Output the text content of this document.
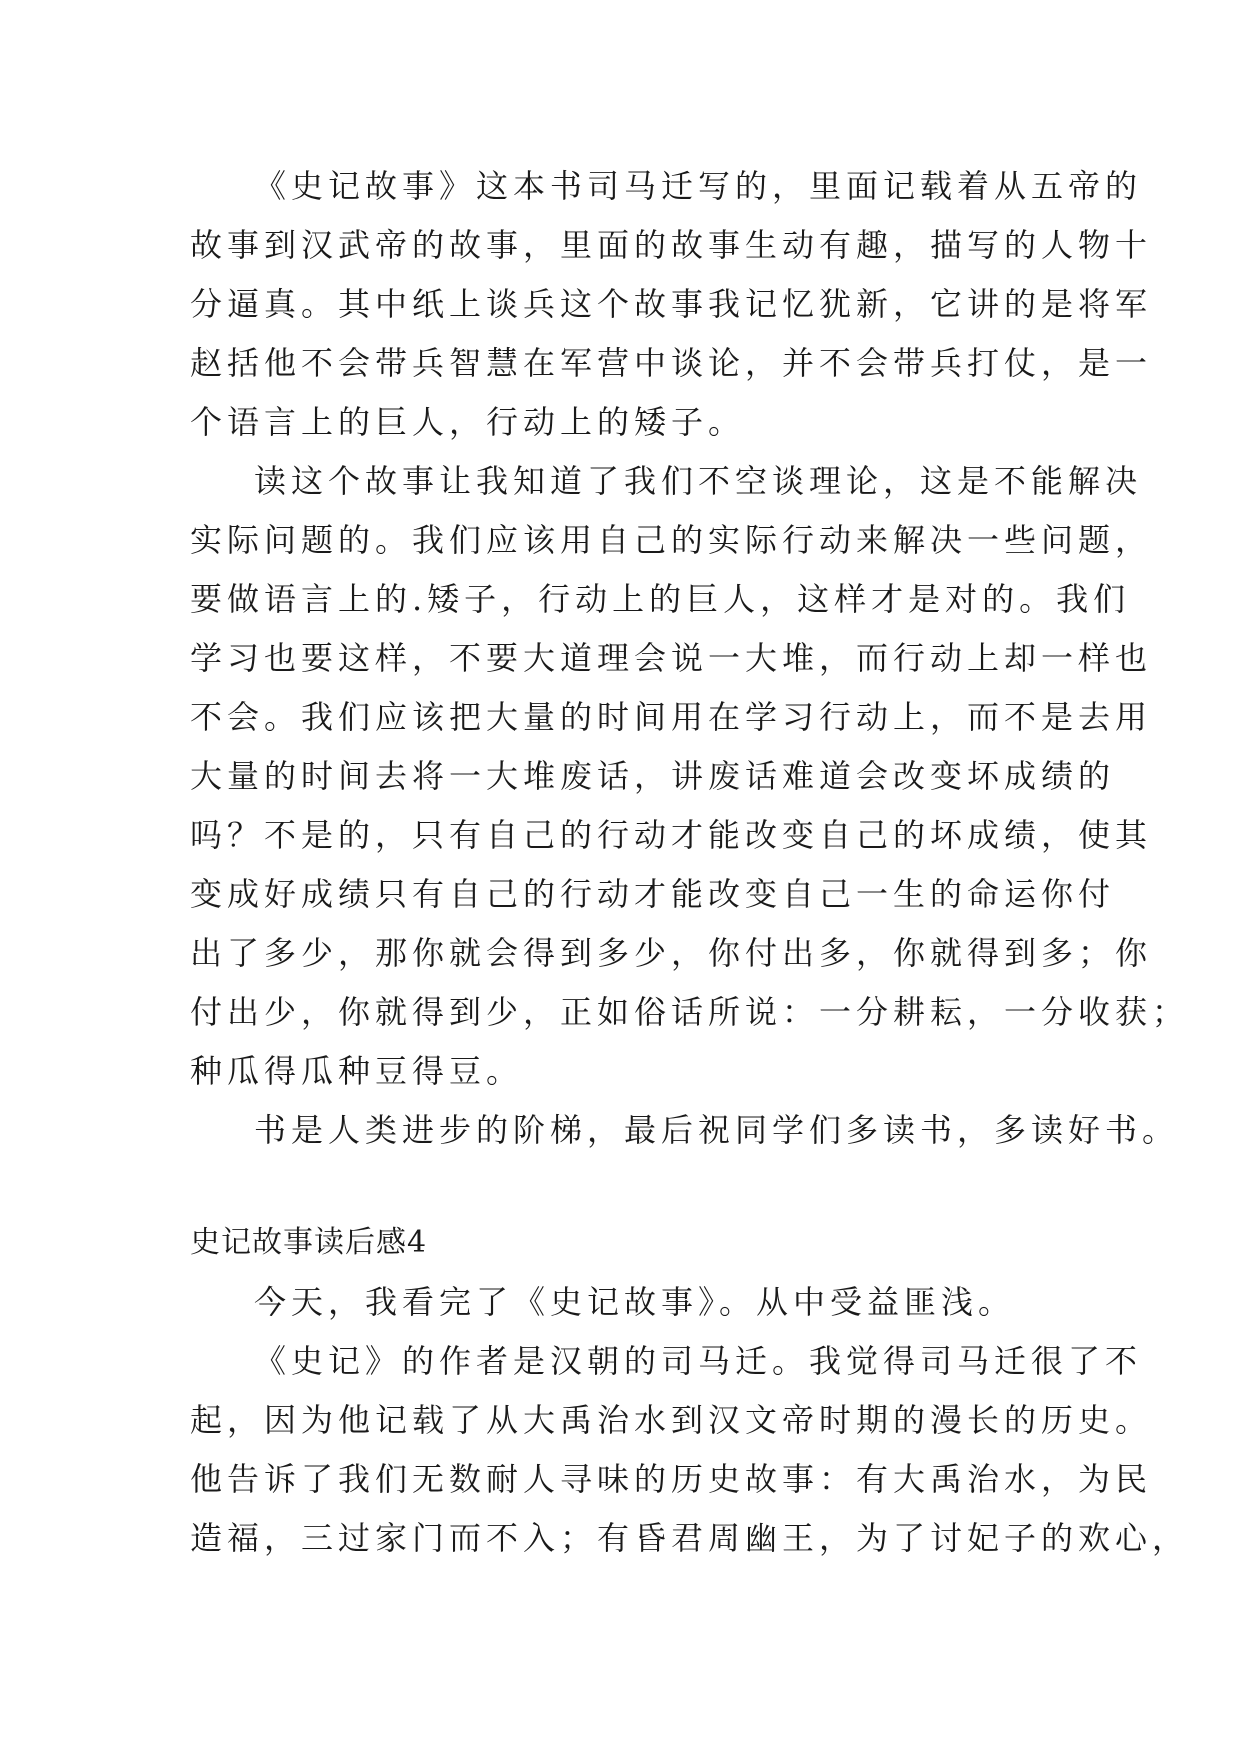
《史记故事》这本书司马迁写的，里面记载着从五帝的
故事到汉武帝的故事，里面的故事生动有趣，描写的人物十
分逼真。其中纸上谈兵这个故事我记忆犹新，它讲的是将军
赵括他不会带兵智慧在军营中谈论，并不会带兵打仗，是一
个语言上的巨人，行动上的矮子。
读这个故事让我知道了我们不空谈理论，这是不能解决
实际问题的。我们应该用自己的实际行动来解决一些问题，
要做语言上的.矮子，行动上的巨人，这样才是对的。我们
学习也要这样，不要大道理会说一大堆，而行动上却一样也
不会。我们应该把大量的时间用在学习行动上，而不是去用
大量的时间去将一大堆废话，讲废话难道会改变坏成绩的
吗？不是的，只有自己的行动才能改变自己的坏成绩，使其
变成好成绩只有自己的行动才能改变自己一生的命运你付
出了多少，那你就会得到多少，你付出多，你就得到多；你
付出少，你就得到少，正如俗话所说：一分耕耘，一分收获；
种瓜得瓜种豆得豆。
书是人类进步的阶梯，最后祝同学们多读书，多读好书。
史记故事读后感4
今天，我看完了《史记故事》。从中受益匪浅。
《史记》的作者是汉朝的司马迁。我觉得司马迁很了不
起，因为他记载了从大禹治水到汉文帝时期的漫长的历史。
他告诉了我们无数耐人寻味的历史故事：有大禹治水，为民
造福，三过家门而不入；有昏君周幽王，为了讨妃子的欢心，
